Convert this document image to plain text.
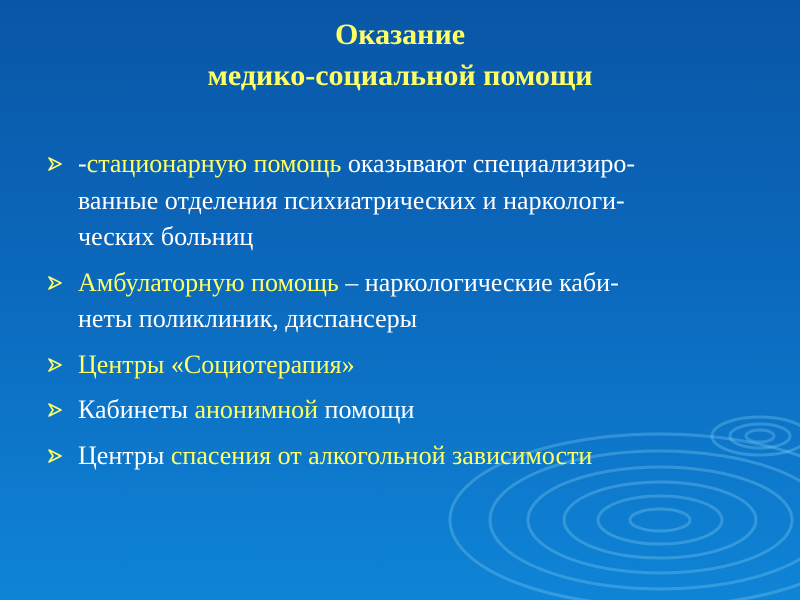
Оказание
медико-социальной помощи
-стационарную помощь оказывают специализиро-
ванные отделения психиатрических и наркологи-
ческих больниц
Амбулаторную помощь – наркологические каби-
неты поликлиник, диспансеры
Центры «Социотерапия»
Кабинеты анонимной помощи
Центры спасения от алкогольной зависимости
